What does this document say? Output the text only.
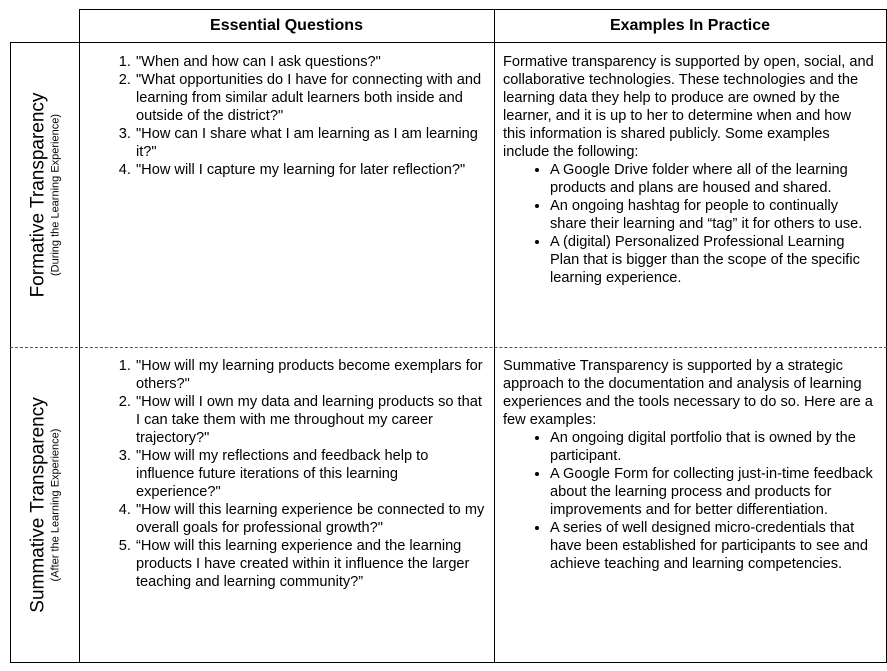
Essential Questions	Examples In Practice
Formative Transparency (During the Learning Experience)
1. "When and how can I ask questions?"
2. "What opportunities do I have for connecting with and learning from similar adult learners both inside and outside of the district?"
3. "How can I share what I am learning as I am learning it?"
4. "How will I capture my learning for later reflection?"

Formative transparency is supported by open, social, and collaborative technologies. These technologies and the learning data they help to produce are owned by the learner, and it is up to her to determine when and how this information is shared publicly. Some examples include the following:

• A Google Drive folder where all of the learning products and plans are housed and shared.
• An ongoing hashtag for people to continually share their learning and “tag” it for others to use.
• A (digital) Personalized Professional Learning Plan that is bigger than the scope of the specific learning experience.
Summative Transparency (After the Learning Experience)
1. "How will my learning products become exemplars for others?"
2. "How will I own my data and learning products so that I can take them with me throughout my career trajectory?"
3. "How will my reflections and feedback help to influence future iterations of this learning experience?"
4. "How will this learning experience be connected to my overall goals for professional growth?"
5. “How will this learning experience and the learning products I have created within it influence the larger teaching and learning community?”

Summative Transparency is supported by a strategic approach to the documentation and analysis of learning experiences and the tools necessary to do so. Here are a few examples:

• An ongoing digital portfolio that is owned by the participant.
• A Google Form for collecting just-in-time feedback about the learning process and products for improvements and for better differentiation.
• A series of well designed micro-credentials that have been established for participants to see and achieve teaching and learning competencies.
